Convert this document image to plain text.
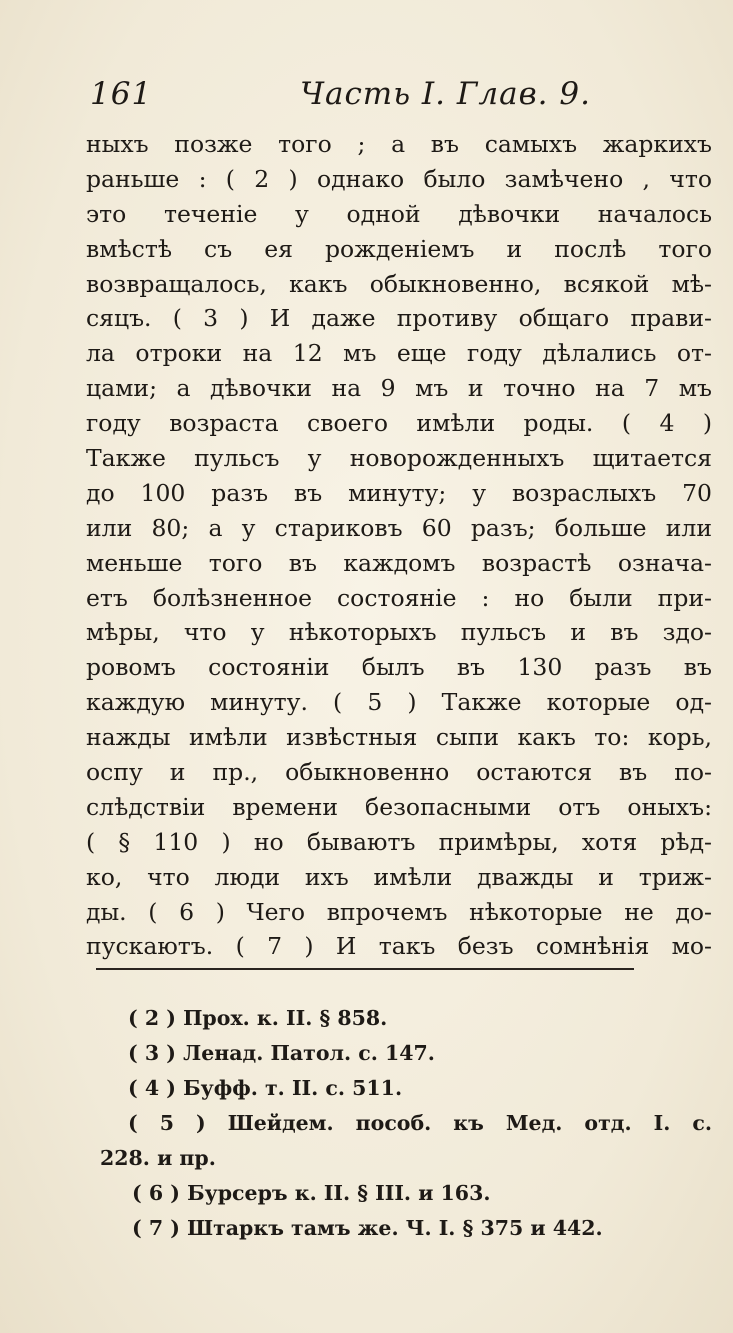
161	Часть I. Глав. 9.
ныхъ позже того ; а въ самыхъ жаркихъ
раньше : ( 2 ) однако было замѣчено , что
это теченіе у одной дѣвочки началось
вмѣстѣ съ ея рожденіемъ и послѣ того
возвращалось, какъ обыкновенно, всякой мѣ-
сяцъ. ( 3 ) И даже противу общаго прави-
ла отроки на 12 мъ еще году дѣлались от-
цами; а дѣвочки на 9 мъ и точно на 7 мъ
году возраста своего имѣли роды. ( 4 )
Также пульсъ у новорожденныхъ щитается
до 100 разъ въ минуту; у возраслыхъ 70
или 80; а у стариковъ 60 разъ; больше или
меньше того въ каждомъ возрастѣ означа-
етъ болѣзненное состояніе : но были при-
мѣры, что у нѣкоторыхъ пульсъ и въ здо-
ровомъ состояніи былъ въ 130 разъ въ
каждую минуту. ( 5 ) Также которые од-
нажды имѣли извѣстныя сыпи какъ то: корь,
оспу и пр., обыкновенно остаются въ по-
слѣдствіи времени безопасными отъ оныхъ:
( § 110 ) но бываютъ примѣры, хотя рѣд-
ко, что люди ихъ имѣли дважды и триж-
ды. ( 6 ) Чего впрочемъ нѣкоторые не до-
пускаютъ. ( 7 ) И такъ безъ сомнѣнія мо-
( 2 ) Прох. к. II. § 858.
( 3 ) Ленад. Патол. с. 147.
( 4 ) Буфф. т. II. с. 511.
( 5 ) Шейдем. пособ. къ Мед. отд. I. с.
228. и пр.
( 6 ) Бурсеръ к. II. § III. и 163.
( 7 ) Штаркъ тамъ же. Ч. I. § 375 и 442.
